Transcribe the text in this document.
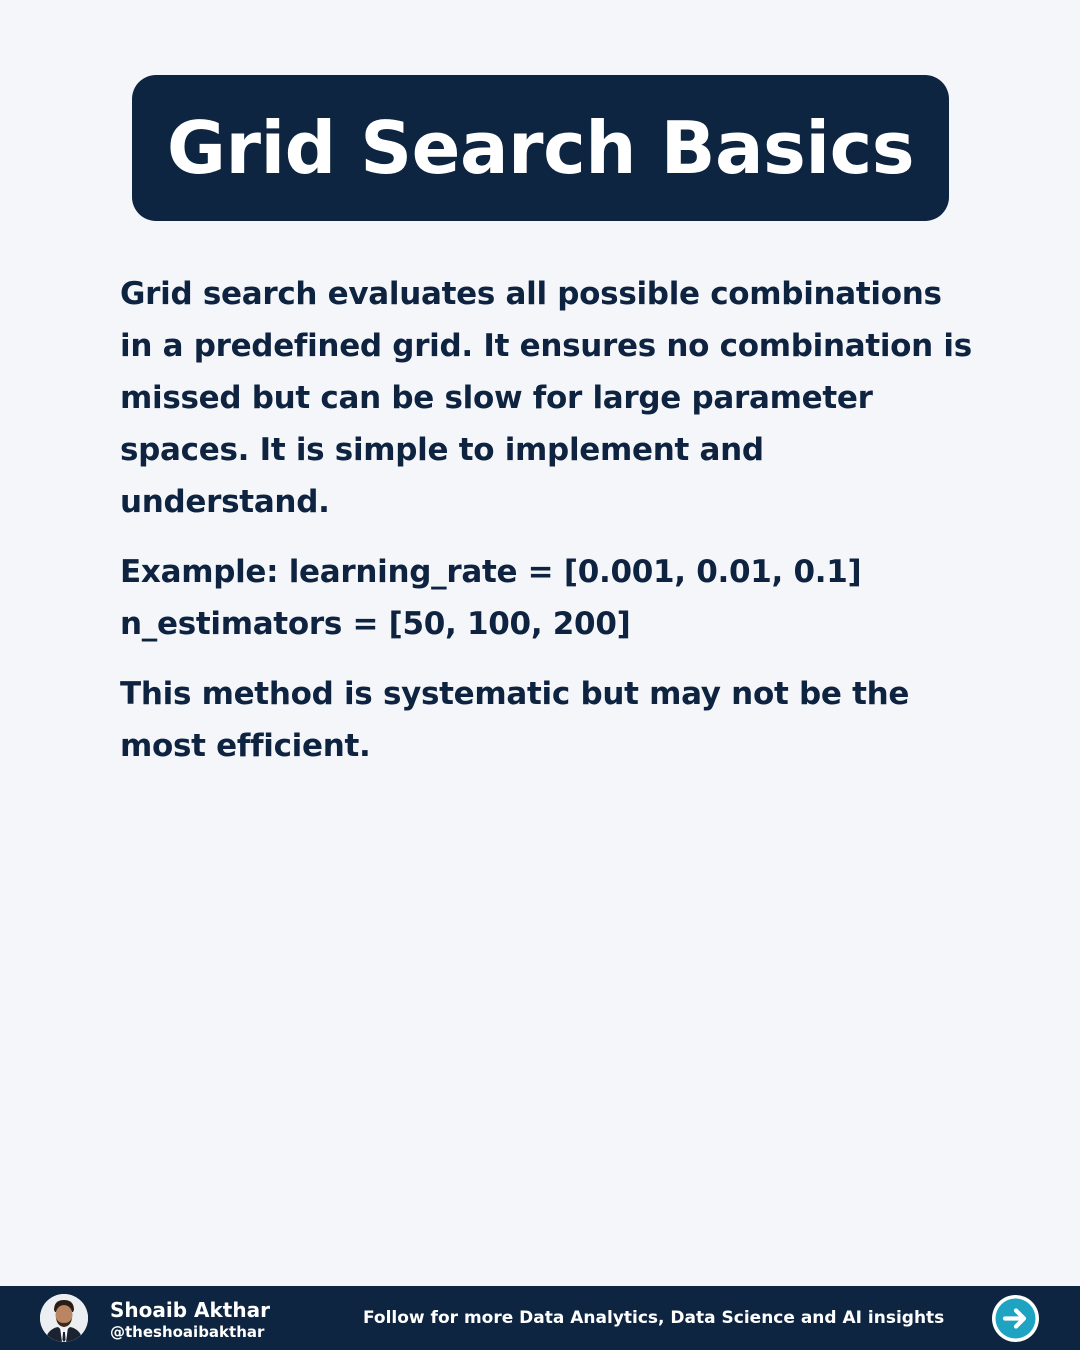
Grid Search Basics

Grid search evaluates all possible combinations
in a predefined grid. It ensures no combination is
missed but can be slow for large parameter
spaces. It is simple to implement and
understand.

Example: learning_rate = [0.001, 0.01, 0.1]
n_estimators = [50, 100, 200]

This method is systematic but may not be the
most efficient.

Shoaib Akthar
@theshoaibakthar
Follow for more Data Analytics, Data Science and AI insights
